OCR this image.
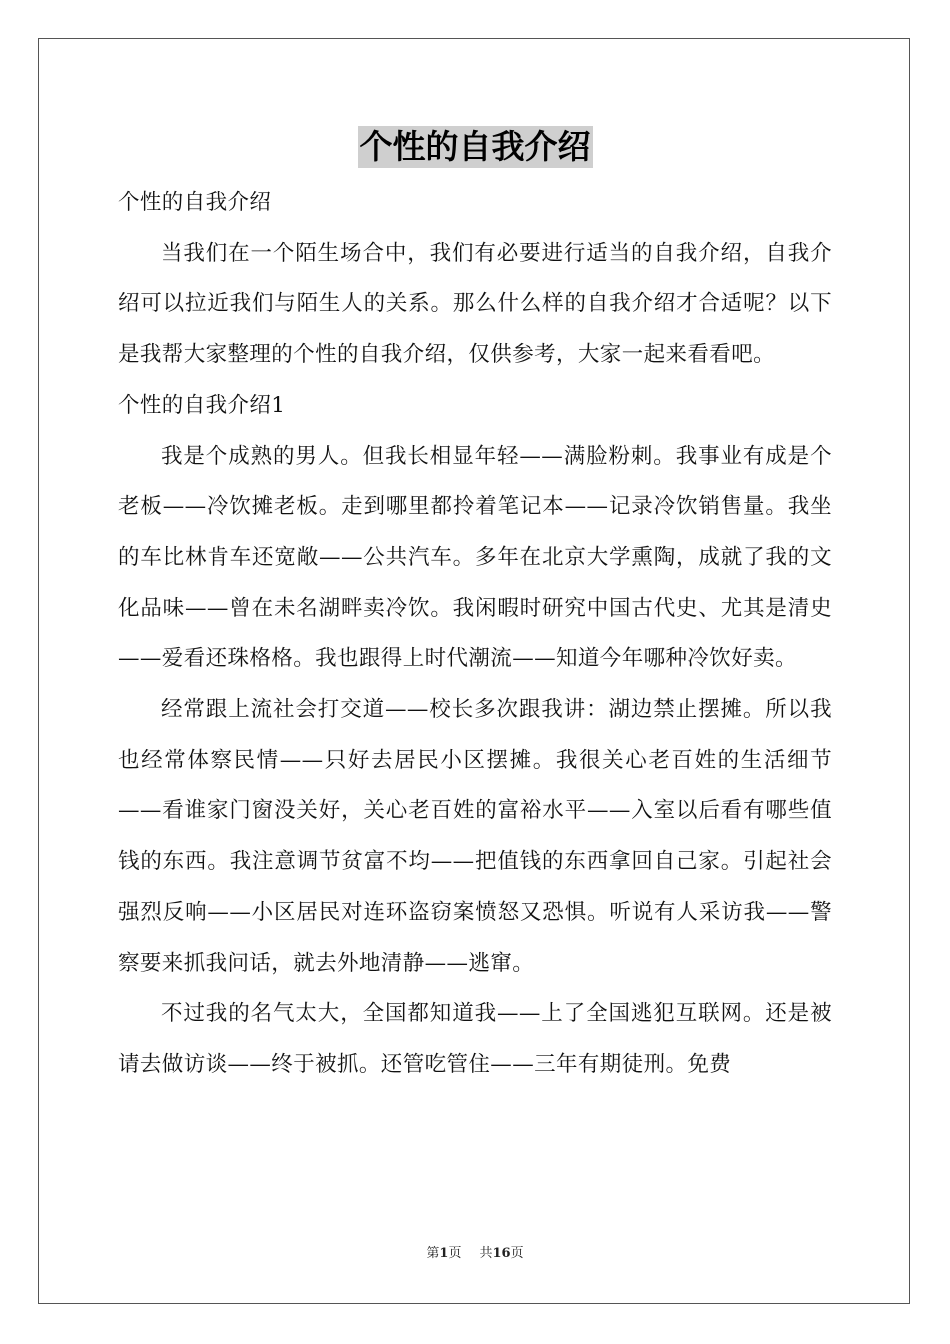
个性的自我介绍

个性的自我介绍

当我们在一个陌生场合中，我们有必要进行适当的自我介绍，自我介绍可以拉近我们与陌生人的关系。那么什么样的自我介绍才合适呢？以下是我帮大家整理的个性的自我介绍，仅供参考，大家一起来看看吧。

个性的自我介绍1

我是个成熟的男人。但我长相显年轻——满脸粉刺。我事业有成是个老板——冷饮摊老板。走到哪里都拎着笔记本——记录冷饮销售量。我坐的车比林肯车还宽敞——公共汽车。多年在北京大学熏陶，成就了我的文化品味——曾在未名湖畔卖冷饮。我闲暇时研究中国古代史、尤其是清史——爱看还珠格格。我也跟得上时代潮流——知道今年哪种冷饮好卖。

经常跟上流社会打交道——校长多次跟我讲：湖边禁止摆摊。所以我也经常体察民情——只好去居民小区摆摊。我很关心老百姓的生活细节——看谁家门窗没关好，关心老百姓的富裕水平——入室以后看有哪些值钱的东西。我注意调节贫富不均——把值钱的东西拿回自己家。引起社会强烈反响——小区居民对连环盗窃案愤怒又恐惧。听说有人采访我——警察要来抓我问话，就去外地清静——逃窜。

不过我的名气太大，全国都知道我——上了全国逃犯互联网。还是被请去做访谈——终于被抓。还管吃管住——三年有期徒刑。免费

第1页 共16页
